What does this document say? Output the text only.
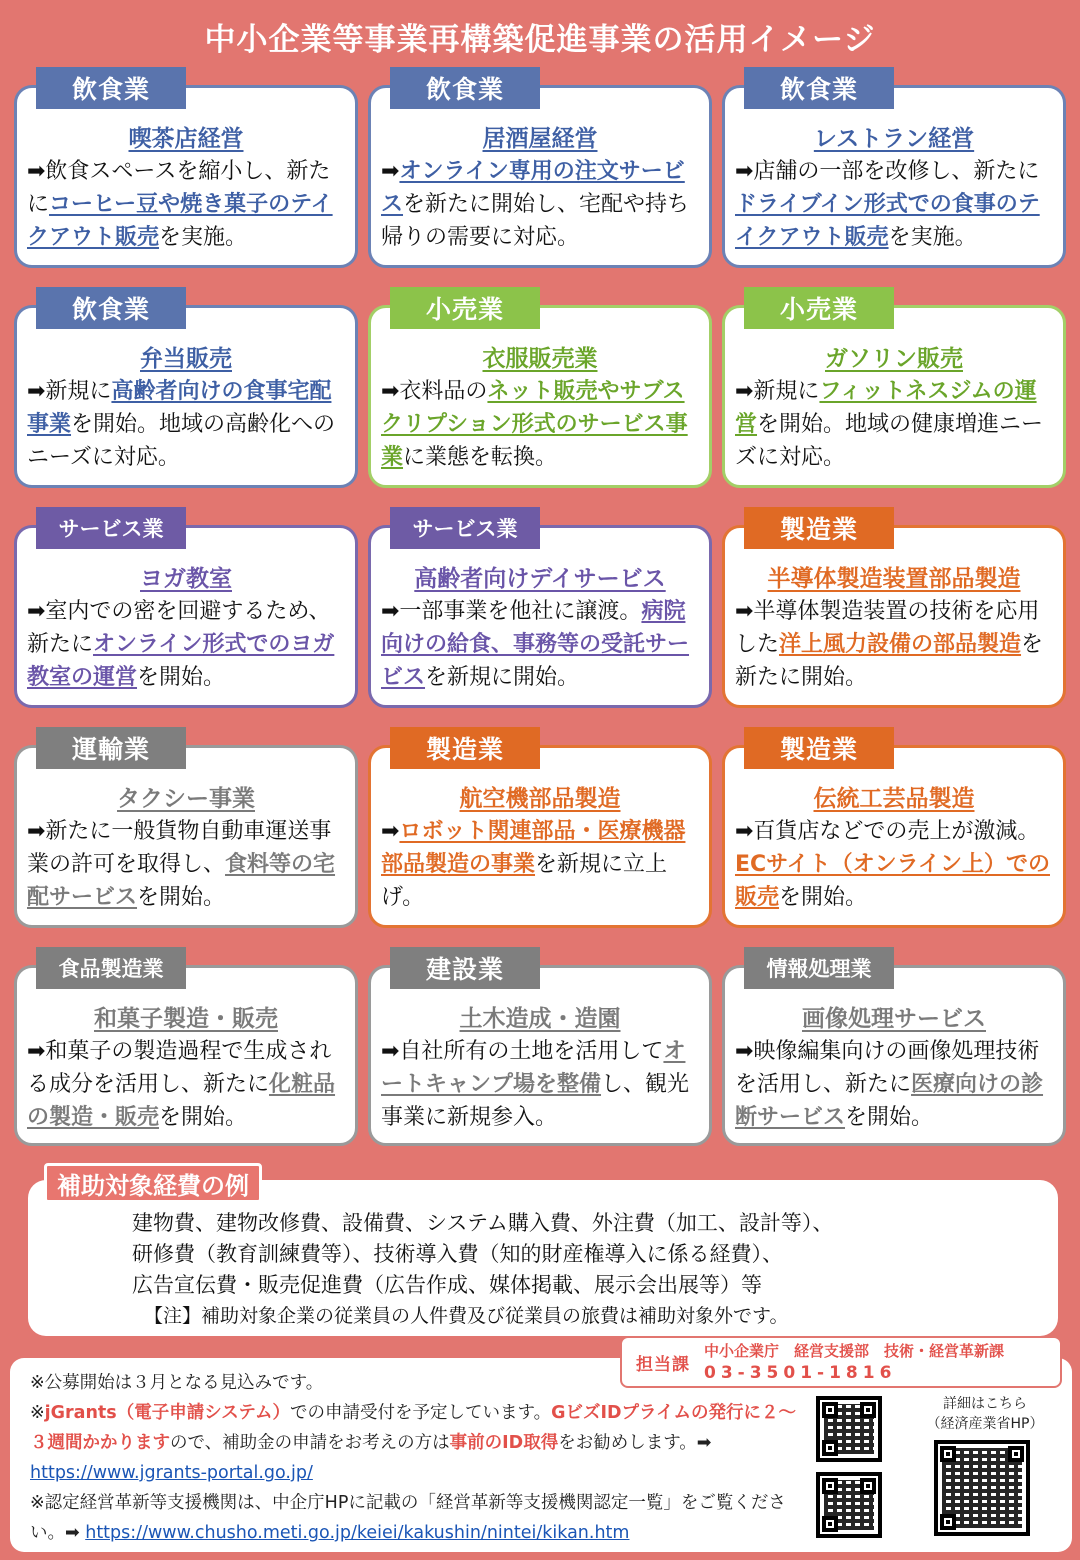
中小企業等事業再構築促進事業の活用イメージ
飲食業
喫茶店経営
➡飲食スペースを縮小し、新たにコーヒー豆や焼き菓子のテイクアウト販売を実施。
飲食業
居酒屋経営
➡オンライン専用の注文サービスを新たに開始し、宅配や持ち帰りの需要に対応。
飲食業
レストラン経営
➡店舗の一部を改修し、新たにドライブイン形式での食事のテイクアウト販売を実施。
飲食業
弁当販売
➡新規に高齢者向けの食事宅配事業を開始。地域の高齢化へのニーズに対応。
小売業
衣服販売業
➡衣料品のネット販売やサブスクリプション形式のサービス事業に業態を転換。
小売業
ガソリン販売
➡新規にフィットネスジムの運営を開始。地域の健康増進ニーズに対応。
サービス業
ヨガ教室
➡室内での密を回避するため、新たにオンライン形式でのヨガ教室の運営を開始。
サービス業
高齢者向けデイサービス
➡一部事業を他社に譲渡。病院向けの給食、事務等の受託サービスを新規に開始。
製造業
半導体製造装置部品製造
➡半導体製造装置の技術を応用した洋上風力設備の部品製造を新たに開始。
運輸業
タクシー事業
➡新たに一般貨物自動車運送事業の許可を取得し、食料等の宅配サービスを開始。
製造業
航空機部品製造
➡ロボット関連部品・医療機器部品製造の事業を新規に立上げ。
製造業
伝統工芸品製造
➡百貨店などでの売上が激減。ECサイト（オンライン上）での販売を開始。
食品製造業
和菓子製造・販売
➡和菓子の製造過程で生成される成分を活用し、新たに化粧品の製造・販売を開始。
建設業
土木造成・造園
➡自社所有の土地を活用してオートキャンプ場を整備し、観光事業に新規参入。
情報処理業
画像処理サービス
➡映像編集向けの画像処理技術を活用し、新たに医療向けの診断サービスを開始。
補助対象経費の例
建物費、建物改修費、設備費、システム購入費、外注費（加工、設計等）、
研修費（教育訓練費等）、技術導入費（知的財産権導入に係る経費）、
広告宣伝費・販売促進費（広告作成、媒体掲載、展示会出展等）等
【注】補助対象企業の従業員の人件費及び従業員の旅費は補助対象外です。
担当課
中小企業庁　経営支援部　技術・経営革新課
03-3501-1816
※公募開始は３月となる見込みです。
※jGrants（電子申請システム）での申請受付を予定しています。GビズIDプライムの発行に２～３週間かかりますので、補助金の申請をお考えの方は事前のID取得をお勧めします。➡ https://www.jgrants-portal.go.jp/
※認定経営革新等支援機関は、中企庁HPに記載の「経営革新等支援機関認定一覧」をご覧ください。➡ https://www.chusho.meti.go.jp/keiei/kakushin/nintei/kikan.htm
詳細はこちら
（経済産業省HP）
